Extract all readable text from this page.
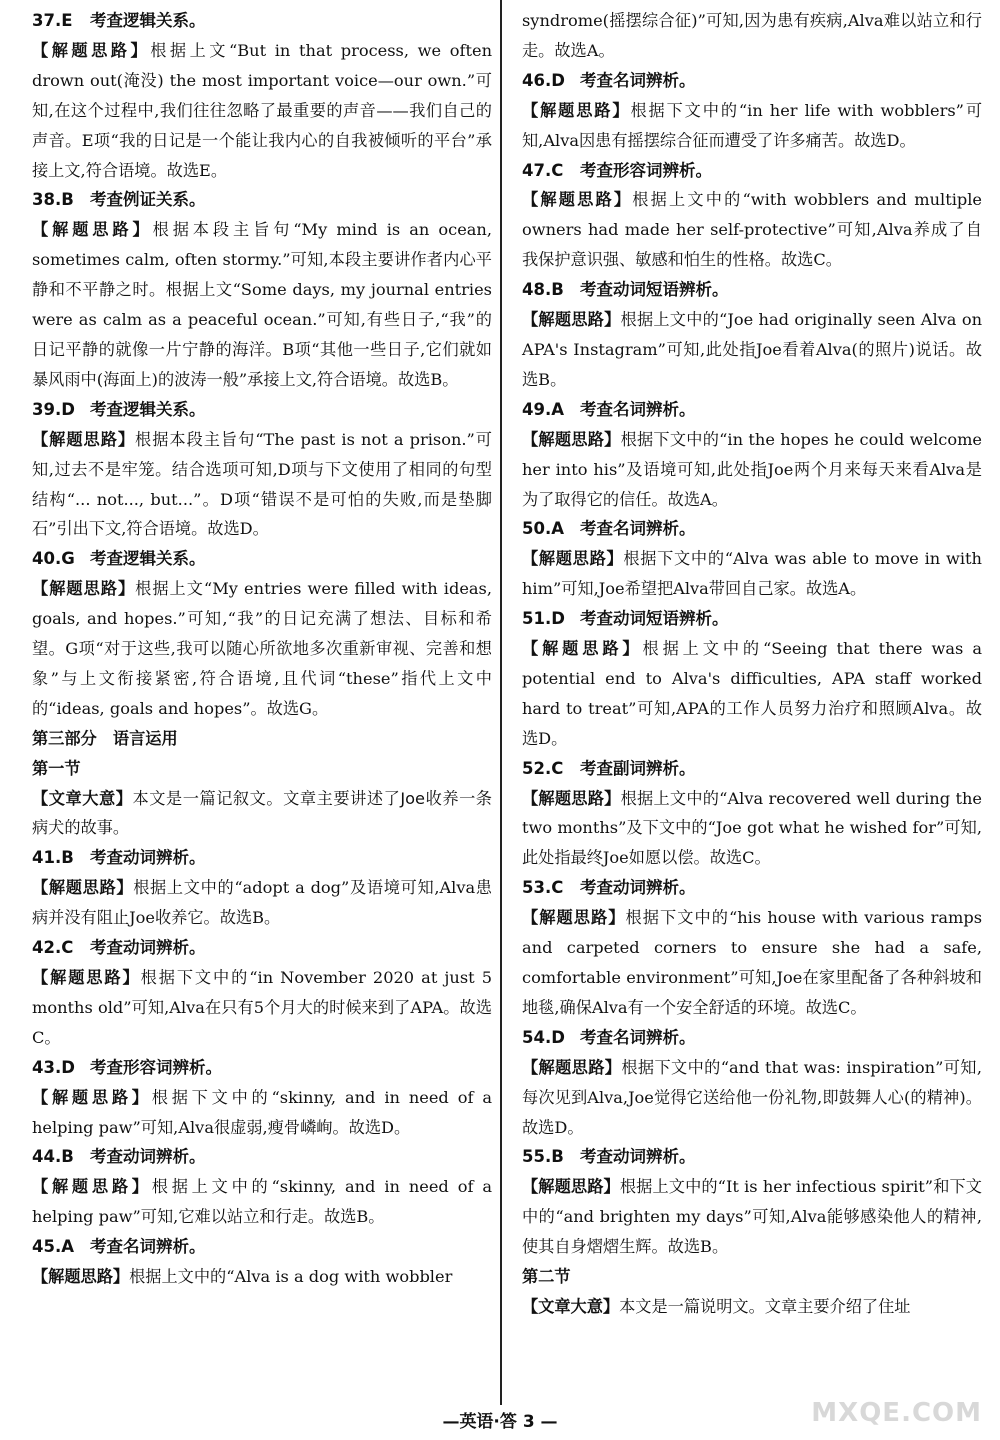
37.E 考查逻辑关系。
【解题思路】根据上文“But in that process, we often drown out(淹没) the most important voice—our own.”可知,在这个过程中,我们往往忽略了最重要的声音——我们自己的声音。E项“我的日记是一个能让我内心的自我被倾听的平台”承接上文,符合语境。故选E。
38.B 考查例证关系。
【解题思路】根据本段主旨句“My mind is an ocean, sometimes calm, often stormy.”可知,本段主要讲作者内心平静和不平静之时。根据上文“Some days, my journal entries were as calm as a peaceful ocean.”可知,有些日子,“我”的日记平静的就像一片宁静的海洋。B项“其他一些日子,它们就如暴风雨中(海面上)的波涛一般”承接上文,符合语境。故选B。
39.D 考查逻辑关系。
【解题思路】根据本段主旨句“The past is not a prison.”可知,过去不是牢笼。结合选项可知,D项与下文使用了相同的句型结构“... not..., but...”。D项“错误不是可怕的失败,而是垫脚石”引出下文,符合语境。故选D。
40.G 考查逻辑关系。
【解题思路】根据上文“My entries were filled with ideas, goals, and hopes.”可知,“我”的日记充满了想法、目标和希望。G项“对于这些,我可以随心所欲地多次重新审视、完善和想象”与上文衔接紧密,符合语境,且代词“these”指代上文中的“ideas, goals and hopes”。故选G。
第三部分　语言运用
第一节
【文章大意】本文是一篇记叙文。文章主要讲述了Joe收养一条病犬的故事。
41.B 考查动词辨析。
【解题思路】根据上文中的“adopt a dog”及语境可知,Alva患病并没有阻止Joe收养它。故选B。
42.C 考查动词辨析。
【解题思路】根据下文中的“in November 2020 at just 5 months old”可知,Alva在只有5个月大的时候来到了APA。故选C。
43.D 考查形容词辨析。
【解题思路】根据下文中的“skinny, and in need of a helping paw”可知,Alva很虚弱,瘦骨嶙峋。故选D。
44.B 考查动词辨析。
【解题思路】根据上文中的“skinny, and in need of a helping paw”可知,它难以站立和行走。故选B。
45.A 考查名词辨析。
【解题思路】根据上文中的“Alva is a dog with wobbler
syndrome(摇摆综合征)”可知,因为患有疾病,Alva难以站立和行走。故选A。
46.D 考查名词辨析。
【解题思路】根据下文中的“in her life with wobblers”可知,Alva因患有摇摆综合征而遭受了许多痛苦。故选D。
47.C 考查形容词辨析。
【解题思路】根据上文中的“with wobblers and multiple owners had made her self-protective”可知,Alva养成了自我保护意识强、敏感和怕生的性格。故选C。
48.B 考查动词短语辨析。
【解题思路】根据上文中的“Joe had originally seen Alva on APA's Instagram”可知,此处指Joe看着Alva(的照片)说话。故选B。
49.A 考查名词辨析。
【解题思路】根据下文中的“in the hopes he could welcome her into his”及语境可知,此处指Joe两个月来每天来看Alva是为了取得它的信任。故选A。
50.A 考查名词辨析。
【解题思路】根据下文中的“Alva was able to move in with him”可知,Joe希望把Alva带回自己家。故选A。
51.D 考查动词短语辨析。
【解题思路】根据上文中的“Seeing that there was a potential end to Alva's difficulties, APA staff worked hard to treat”可知,APA的工作人员努力治疗和照顾Alva。故选D。
52.C 考查副词辨析。
【解题思路】根据上文中的“Alva recovered well during the two months”及下文中的“Joe got what he wished for”可知,此处指最终Joe如愿以偿。故选C。
53.C 考查动词辨析。
【解题思路】根据下文中的“his house with various ramps and carpeted corners to ensure she had a safe, comfortable environment”可知,Joe在家里配备了各种斜坡和地毯,确保Alva有一个安全舒适的环境。故选C。
54.D 考查名词辨析。
【解题思路】根据下文中的“and that was: inspiration”可知,每次见到Alva,Joe觉得它送给他一份礼物,即鼓舞人心(的精神)。故选D。
55.B 考查动词辨析。
【解题思路】根据上文中的“It is her infectious spirit”和下文中的“and brighten my days”可知,Alva能够感染他人的精神,使其自身熠熠生辉。故选B。
第二节
【文章大意】本文是一篇说明文。文章主要介绍了住址
—英语·答 3 —	MXQE.COM
